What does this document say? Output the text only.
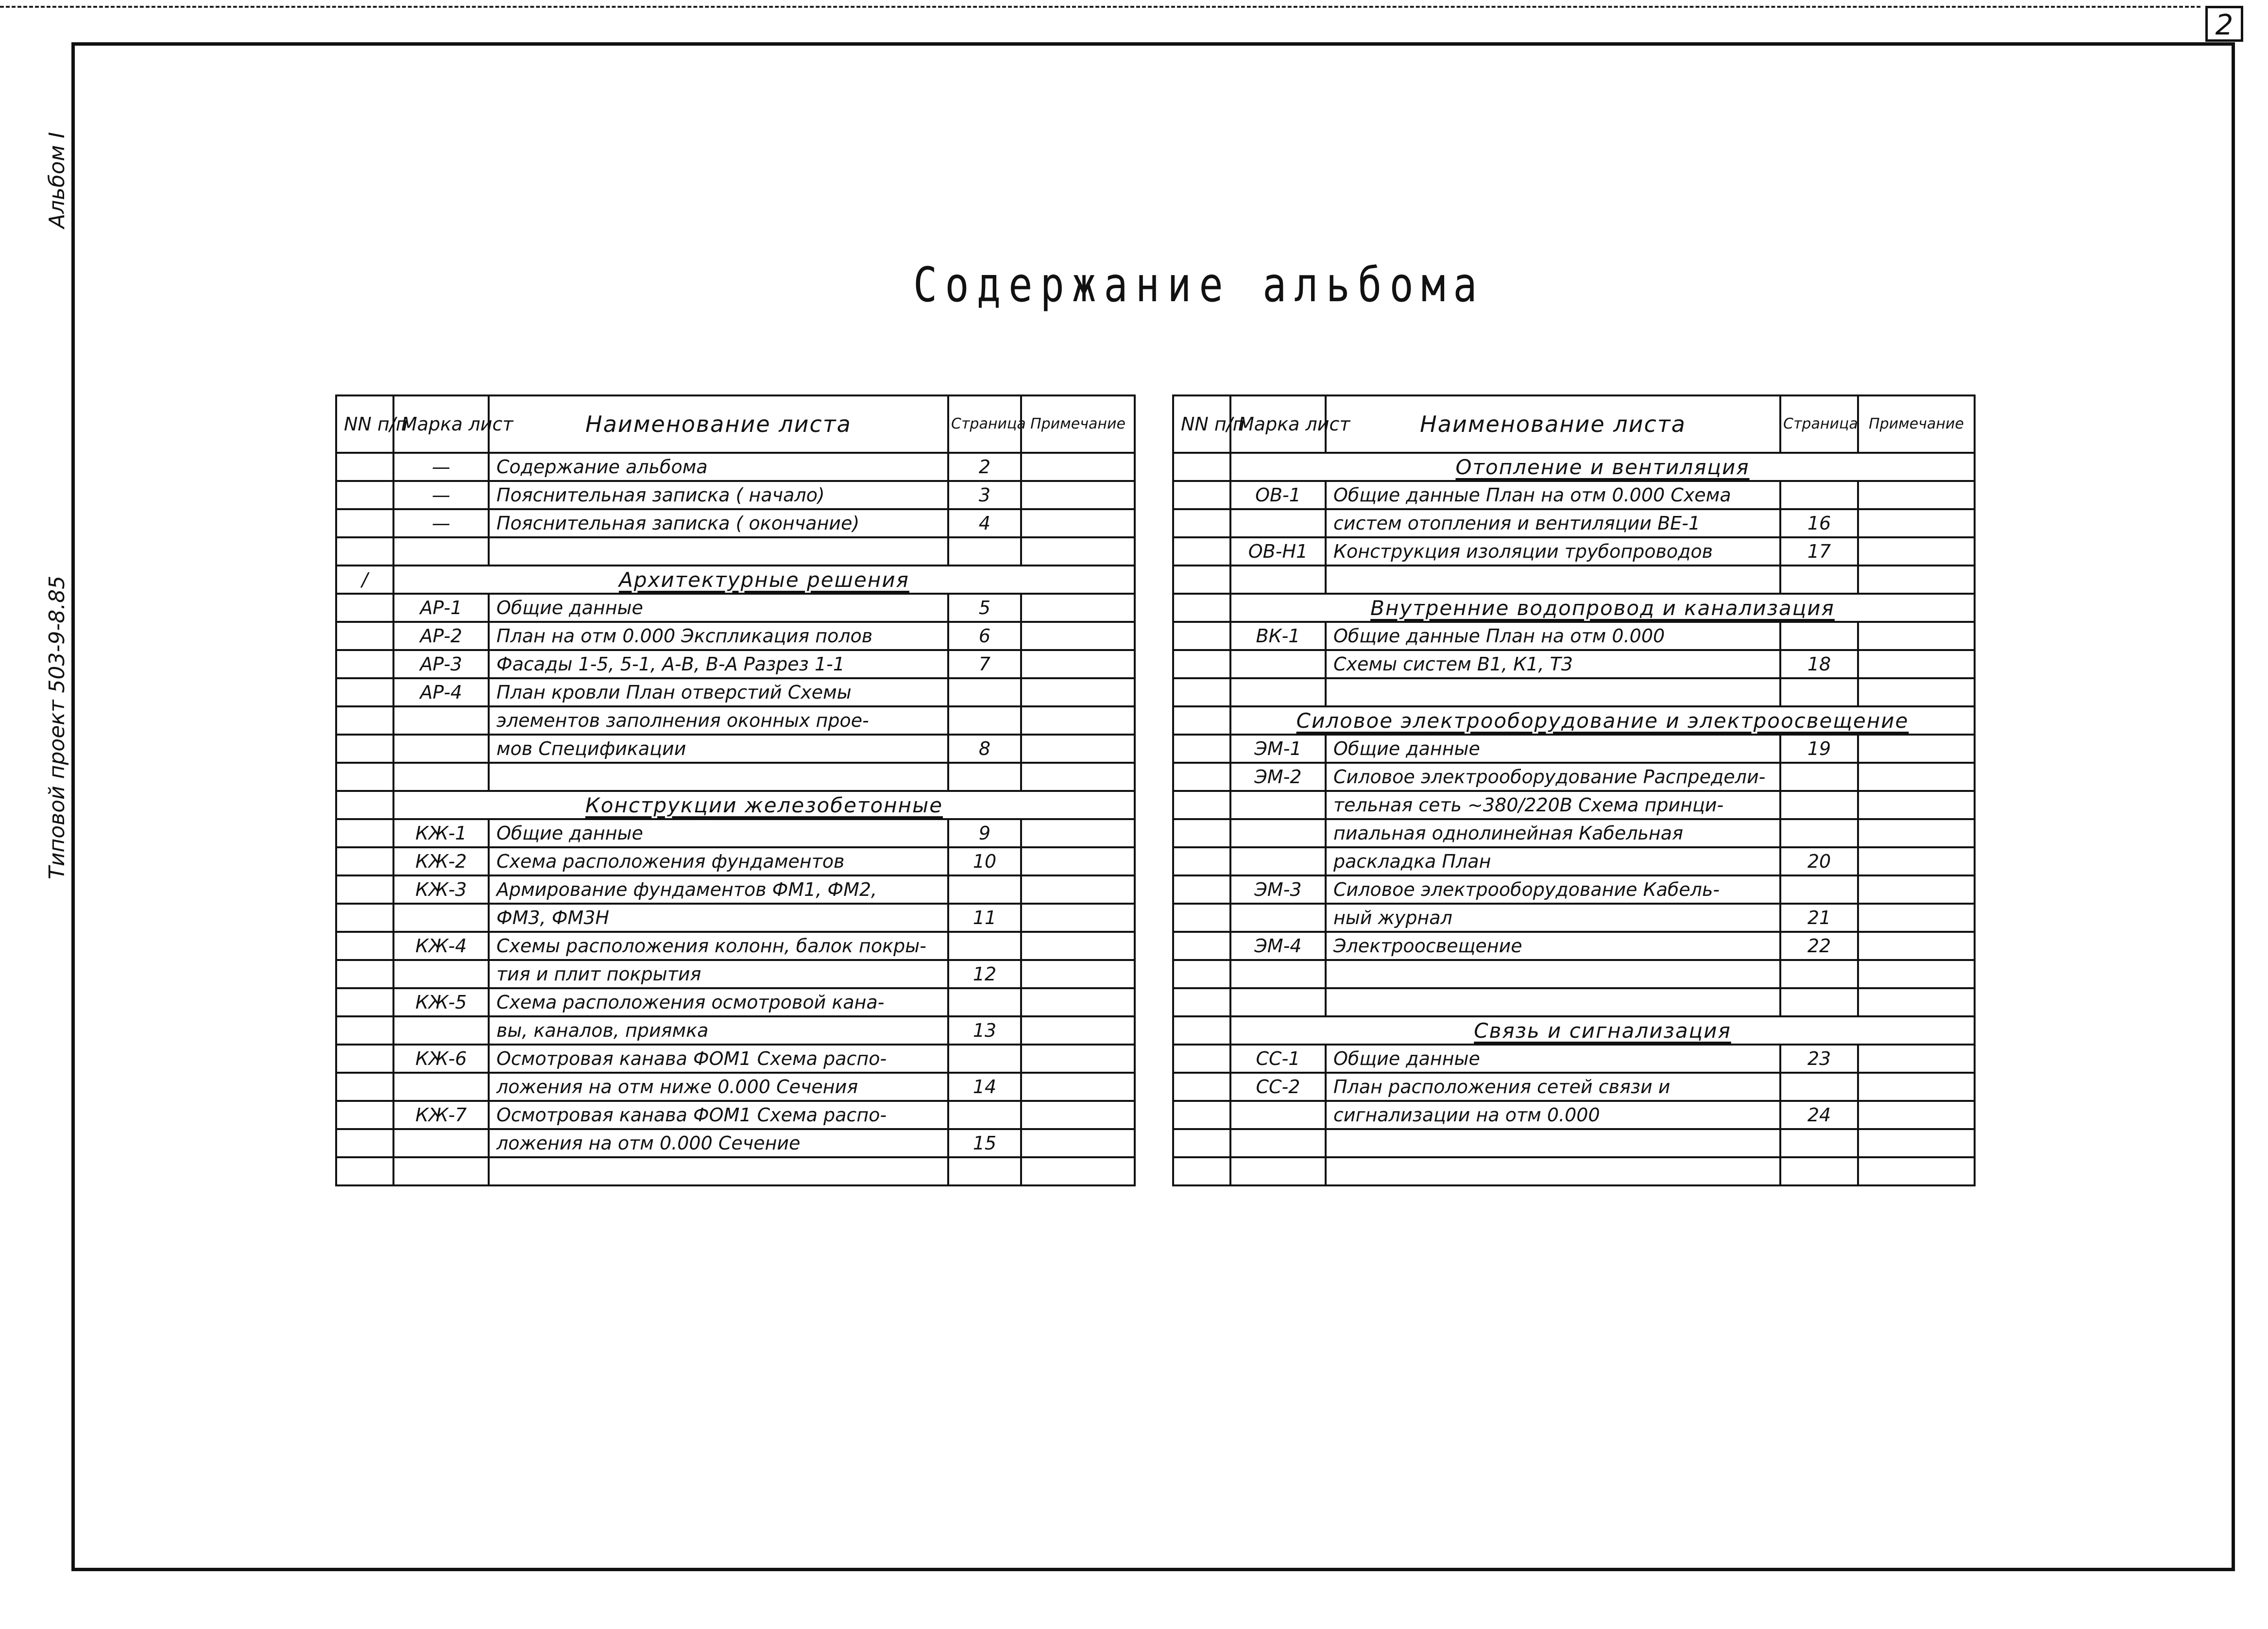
2
Альбом I
Типовой проект 503-9-8.85
Содержание альбома
NN п/п	Марка лист	Наименование листа	Страница	Примечание
	—	Содержание альбома	2	
	—	Пояснительная записка ( начало)	3	
	—	Пояснительная записка ( окончание)	4	

/	Архитектурные решения			
	АР-1	Общие данные	5	
	АР-2	План на отм 0.000 Экспликация полов	6	
	АР-3	Фасады 1-5, 5-1, А-В, В-А Разрез 1-1	7	
	АР-4	План кровли План отверстий Схемы		
		элементов заполнения оконных прое-		
		мов Спецификации	8	

	Конструкции железобетонные			
	КЖ-1	Общие данные	9	
	КЖ-2	Схема расположения фундаментов	10	
	КЖ-3	Армирование фундаментов ФМ1, ФМ2,		
		ФМ3, ФМ3Н	11	
	КЖ-4	Схемы расположения колонн, балок покры-		
		тия и плит покрытия	12	
	КЖ-5	Схема расположения осмотровой кана-		
		вы, каналов, приямка	13	
	КЖ-6	Осмотровая канава ФОМ1 Схема распо-		
		ложения на отм ниже 0.000 Сечения	14	
	КЖ-7	Осмотровая канава ФОМ1 Схема распо-		
		ложения на отм 0.000 Сечение	15	

NN п/п	Марка лист	Наименование листа	Страница	Примечание
	Отопление и вентиляция			
	ОВ-1	Общие данные План на отм 0.000 Схема		
		систем отопления и вентиляции ВЕ-1	16	
	ОВ-Н1	Конструкция изоляции трубопроводов	17	

	Внутренние водопровод и канализация			
	ВК-1	Общие данные План на отм 0.000		
		Схемы систем В1, К1, Т3	18	

	Силовое электрооборудование и электроосвещение			
	ЭМ-1	Общие данные	19	
	ЭМ-2	Силовое электрооборудование Распредели-		
		тельная сеть ~380/220В Схема принци-		
		пиальная однолинейная Кабельная		
		раскладка План	20	
	ЭМ-3	Силовое электрооборудование Кабель-		
		ный журнал	21	
	ЭМ-4	Электроосвещение	22	

	Связь и сигнализация			
	СС-1	Общие данные	23	
	СС-2	План расположения сетей связи и		
		сигнализации на отм 0.000	24	
